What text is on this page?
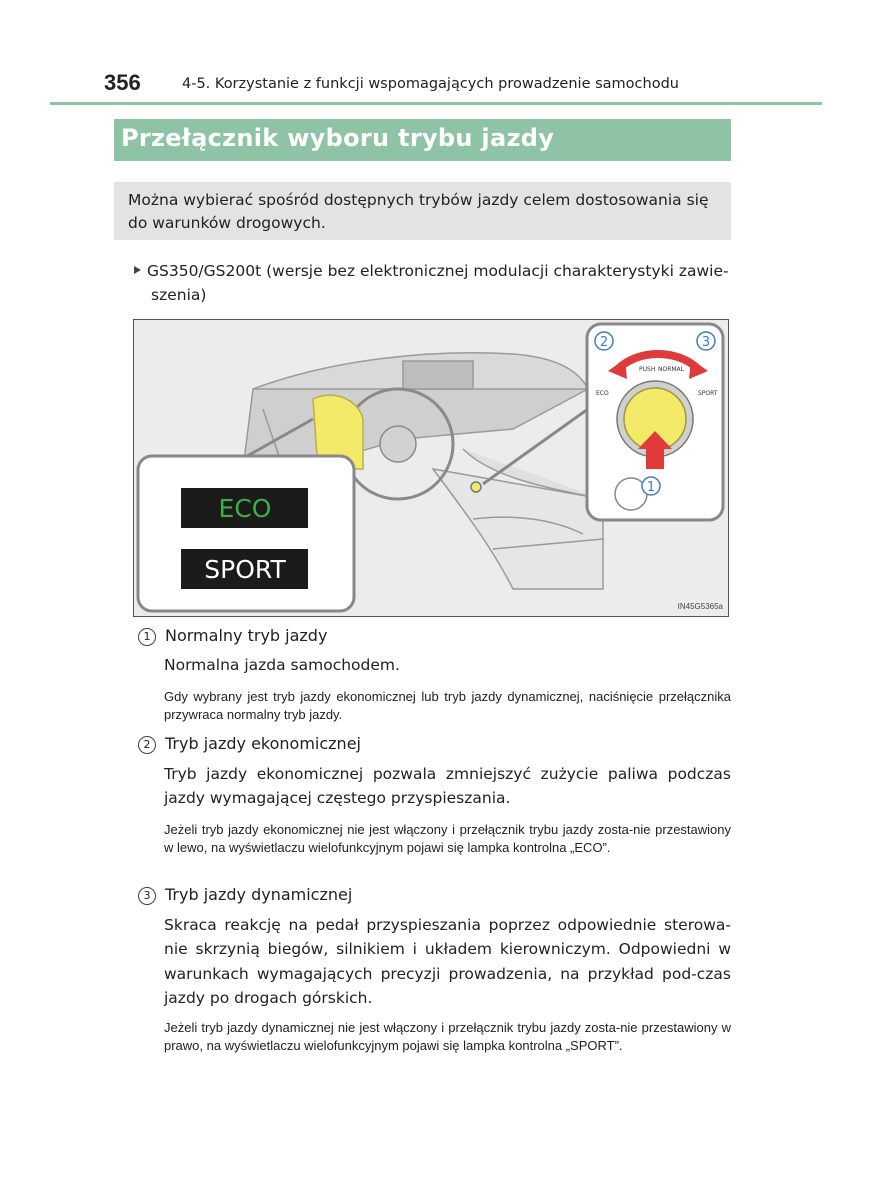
356	4-5. Korzystanie z funkcji wspomagających prowadzenie samochodu
Przełącznik wyboru trybu jazdy
Można wybierać spośród dostępnych trybów jazdy celem dostosowania się do warunków drogowych.
GS350/GS200t (wersje bez elektronicznej modulacji charakterystyki zawie-
szenia)
ECO
SPORT
2	3
PUSH NORMAL
ECO	SPORT
1
IN45G5365a
1 Normalny tryb jazdy
Normalna jazda samochodem.
Gdy wybrany jest tryb jazdy ekonomicznej lub tryb jazdy dynamicznej, naciśnięcie przełącznika przywraca normalny tryb jazdy.
2 Tryb jazdy ekonomicznej
Tryb jazdy ekonomicznej pozwala zmniejszyć zużycie paliwa podczas jazdy wymagającej częstego przyspieszania.
Jeżeli tryb jazdy ekonomicznej nie jest włączony i przełącznik trybu jazdy zosta-nie przestawiony w lewo, na wyświetlaczu wielofunkcyjnym pojawi się lampka kontrolna „ECO”.
3 Tryb jazdy dynamicznej
Skraca reakcję na pedał przyspieszania poprzez odpowiednie sterowa-nie skrzynią biegów, silnikiem i układem kierowniczym. Odpowiedni w warunkach wymagających precyzji prowadzenia, na przykład pod-czas jazdy po drogach górskich.
Jeżeli tryb jazdy dynamicznej nie jest włączony i przełącznik trybu jazdy zosta-nie przestawiony w prawo, na wyświetlaczu wielofunkcyjnym pojawi się lampka kontrolna „SPORT”.
